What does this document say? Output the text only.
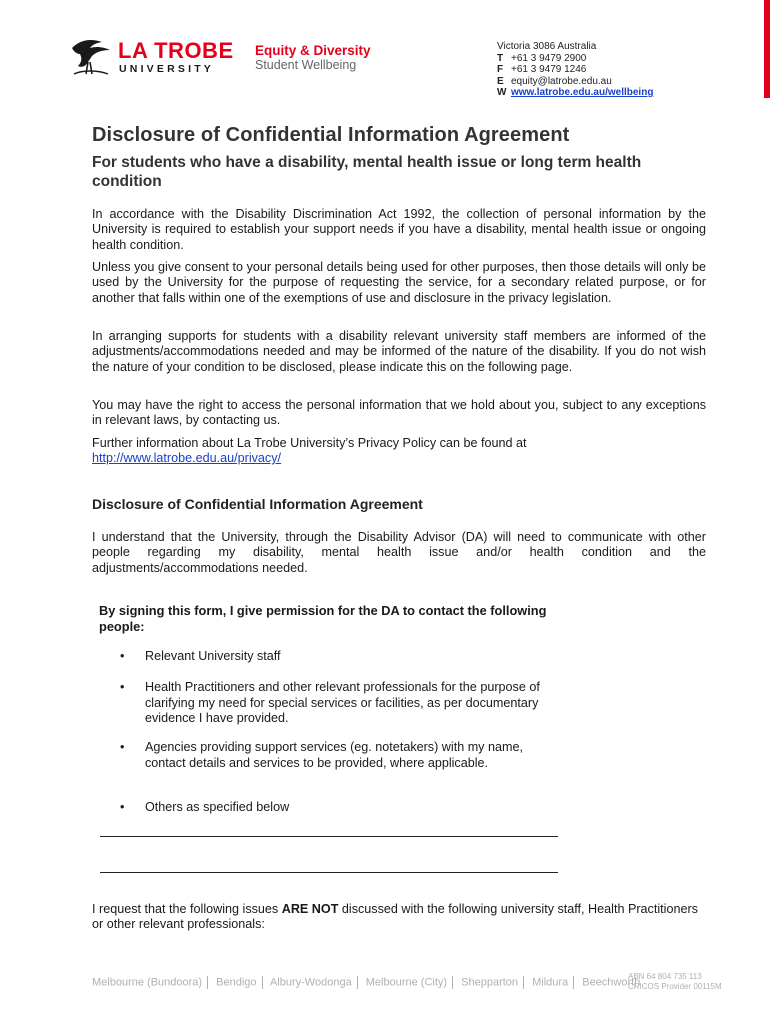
LA TROBE
UNIVERSITY
Equity & Diversity
Student Wellbeing
Victoria 3086 Australia
T +61 3 9479 2900
F +61 3 9479 1246
E equity@latrobe.edu.au
W www.latrobe.edu.au/wellbeing
Disclosure of Confidential Information Agreement
For students who have a disability, mental health issue or long term health condition

In accordance with the Disability Discrimination Act 1992, the collection of personal information by the University is required to establish your support needs if you have a disability, mental health issue or ongoing health condition.

Unless you give consent to your personal details being used for other purposes, then those details will only be used by the University for the purpose of requesting the service, for a secondary related purpose, or for another that falls within one of the exemptions of use and disclosure in the privacy legislation.

In arranging supports for students with a disability relevant university staff members are informed of the adjustments/accommodations needed and may be informed of the nature of the disability. If you do not wish the nature of your condition to be disclosed, please indicate this on the following page.

You may have the right to access the personal information that we hold about you, subject to any exceptions in relevant laws, by contacting us.

Further information about La Trobe University’s Privacy Policy can be found at
http://www.latrobe.edu.au/privacy/

Disclosure of Confidential Information Agreement

I understand that the University, through the Disability Advisor (DA) will need to communicate with other people regarding my disability, mental health issue and/or health condition and the adjustments/accommodations needed.

By signing this form, I give permission for the DA to contact the following people:

• Relevant University staff
• Health Practitioners and other relevant professionals for the purpose of clarifying my need for special services or facilities, as per documentary evidence I have provided.
• Agencies providing support services (eg. notetakers) with my name, contact details and services to be provided, where applicable.
• Others as specified below

I request that the following issues ARE NOT discussed with the following university staff, Health Practitioners or other relevant professionals:

Melbourne (Bundoora) Bendigo Albury-Wodonga Melbourne (City) Shepparton Mildura Beechworth
ABN 64 804 735 113
CRICOS Provider 00115M
